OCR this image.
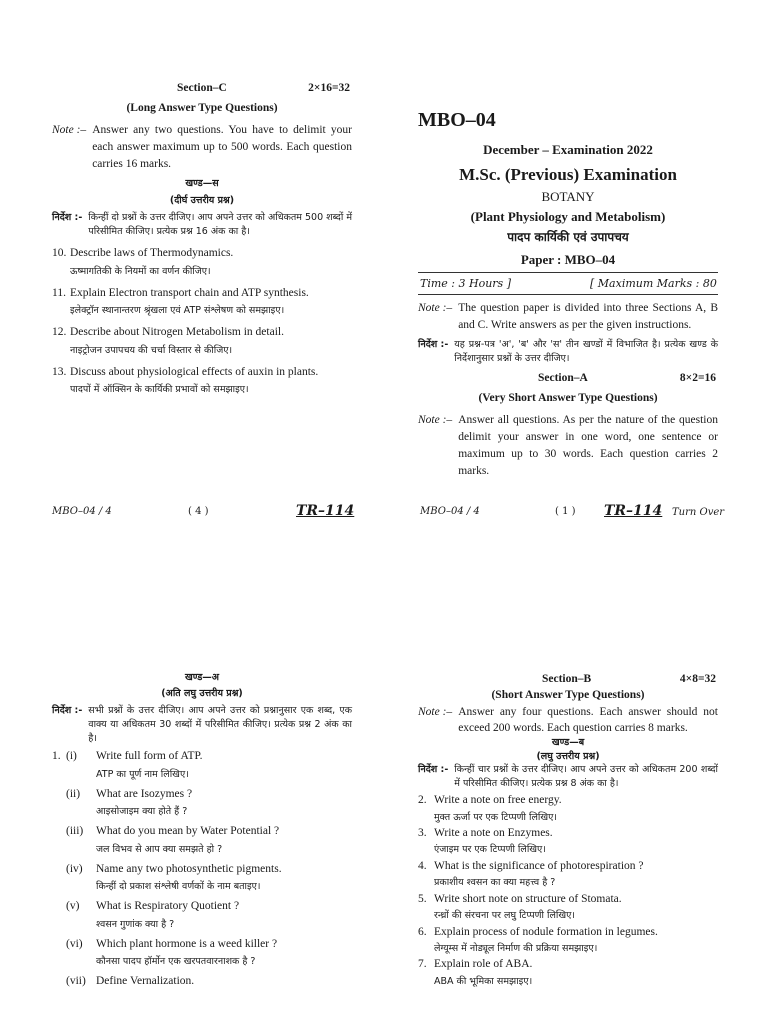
Section–C	2×16=32
(Long Answer Type Questions)
Note :– Answer any two questions. You have to delimit your each answer maximum up to 500 words. Each question carries 16 marks.
खण्ड—स
(दीर्घ उत्तरीय प्रश्न)
निर्देश :- किन्हीं दो प्रश्नों के उत्तर दीजिए। आप अपने उत्तर को अधिकतम 500 शब्दों में परिसीमित कीजिए। प्रत्येक प्रश्न 16 अंक का है।
10. Describe laws of Thermodynamics.
ऊष्मागतिकी के नियमों का वर्णन कीजिए।
11. Explain Electron transport chain and ATP synthesis.
इलेक्ट्रॉन स्थानान्तरण श्रृंखला एवं ATP संश्लेषण को समझाइए।
12. Describe about Nitrogen Metabolism in detail.
नाइट्रोजन उपापचय की चर्चा विस्तार से कीजिए।
13. Discuss about physiological effects of auxin in plants.
पादपों में ऑक्सिन के कार्यिकी प्रभावों को समझाइए।
MBO–04 / 4	( 4 )	TR–114
MBO–04
December – Examination 2022
M.Sc. (Previous) Examination
BOTANY
(Plant Physiology and Metabolism)
पादप कार्यिकी एवं उपापचय
Paper : MBO–04
Time : 3 Hours ]	[ Maximum Marks : 80
Note :– The question paper is divided into three Sections A, B and C. Write answers as per the given instructions.
निर्देश :- यह प्रश्न-पत्र 'अ', 'ब' और 'स' तीन खण्डों में विभाजित है। प्रत्येक खण्ड के निर्देशानुसार प्रश्नों के उत्तर दीजिए।
Section–A	8×2=16
(Very Short Answer Type Questions)
Note :– Answer all questions. As per the nature of the question delimit your answer in one word, one sentence or maximum up to 30 words. Each question carries 2 marks.
MBO–04 / 4	( 1 ) TR–114 Turn Over
खण्ड—अ
(अति लघु उत्तरीय प्रश्न)
निर्देश :- सभी प्रश्नों के उत्तर दीजिए। आप अपने उत्तर को प्रश्नानुसार एक शब्द, एक वाक्य या अधिकतम 30 शब्दों में परिसीमित कीजिए। प्रत्येक प्रश्न 2 अंक का है।
1. (i)	Write full form of ATP.
ATP का पूर्ण नाम लिखिए।
(ii)	What are Isozymes ?
आइसोजाइम क्या होते हैं ?
(iii)	What do you mean by Water Potential ?
जल विभव से आप क्या समझते हो ?
(iv)	Name any two photosynthetic pigments.
किन्हीं दो प्रकाश संश्लेषी वर्णकों के नाम बताइए।
(v)	What is Respiratory Quotient ?
श्वसन गुणांक क्या है ?
(vi)	Which plant hormone is a weed killer ?
कौनसा पादप हॉर्मोन एक खरपतवारनाशक है ?
(vii) Define Vernalization.
Section–B	4×8=32
(Short Answer Type Questions)
Note :– Answer any four questions. Each answer should not exceed 200 words. Each question carries 8 marks.
खण्ड—ब
(लघु उत्तरीय प्रश्न)
निर्देश :- किन्हीं चार प्रश्नों के उत्तर दीजिए। आप अपने उत्तर को अधिकतम 200 शब्दों में परिसीमित कीजिए। प्रत्येक प्रश्न 8 अंक का है।
2. Write a note on free energy.
मुक्त ऊर्जा पर एक टिप्पणी लिखिए।
3. Write a note on Enzymes.
एंजाइम पर एक टिप्पणी लिखिए।
4. What is the significance of photorespiration ?
प्रकाशीय श्वसन का क्या महत्त्व है ?
5. Write short note on structure of Stomata.
रन्ध्रों की संरचना पर लघु टिप्पणी लिखिए।
6. Explain process of nodule formation in legumes.
लेग्यूम्स में नोड्यूल निर्माण की प्रक्रिया समझाइए।
7. Explain role of ABA.
ABA की भूमिका समझाइए।
